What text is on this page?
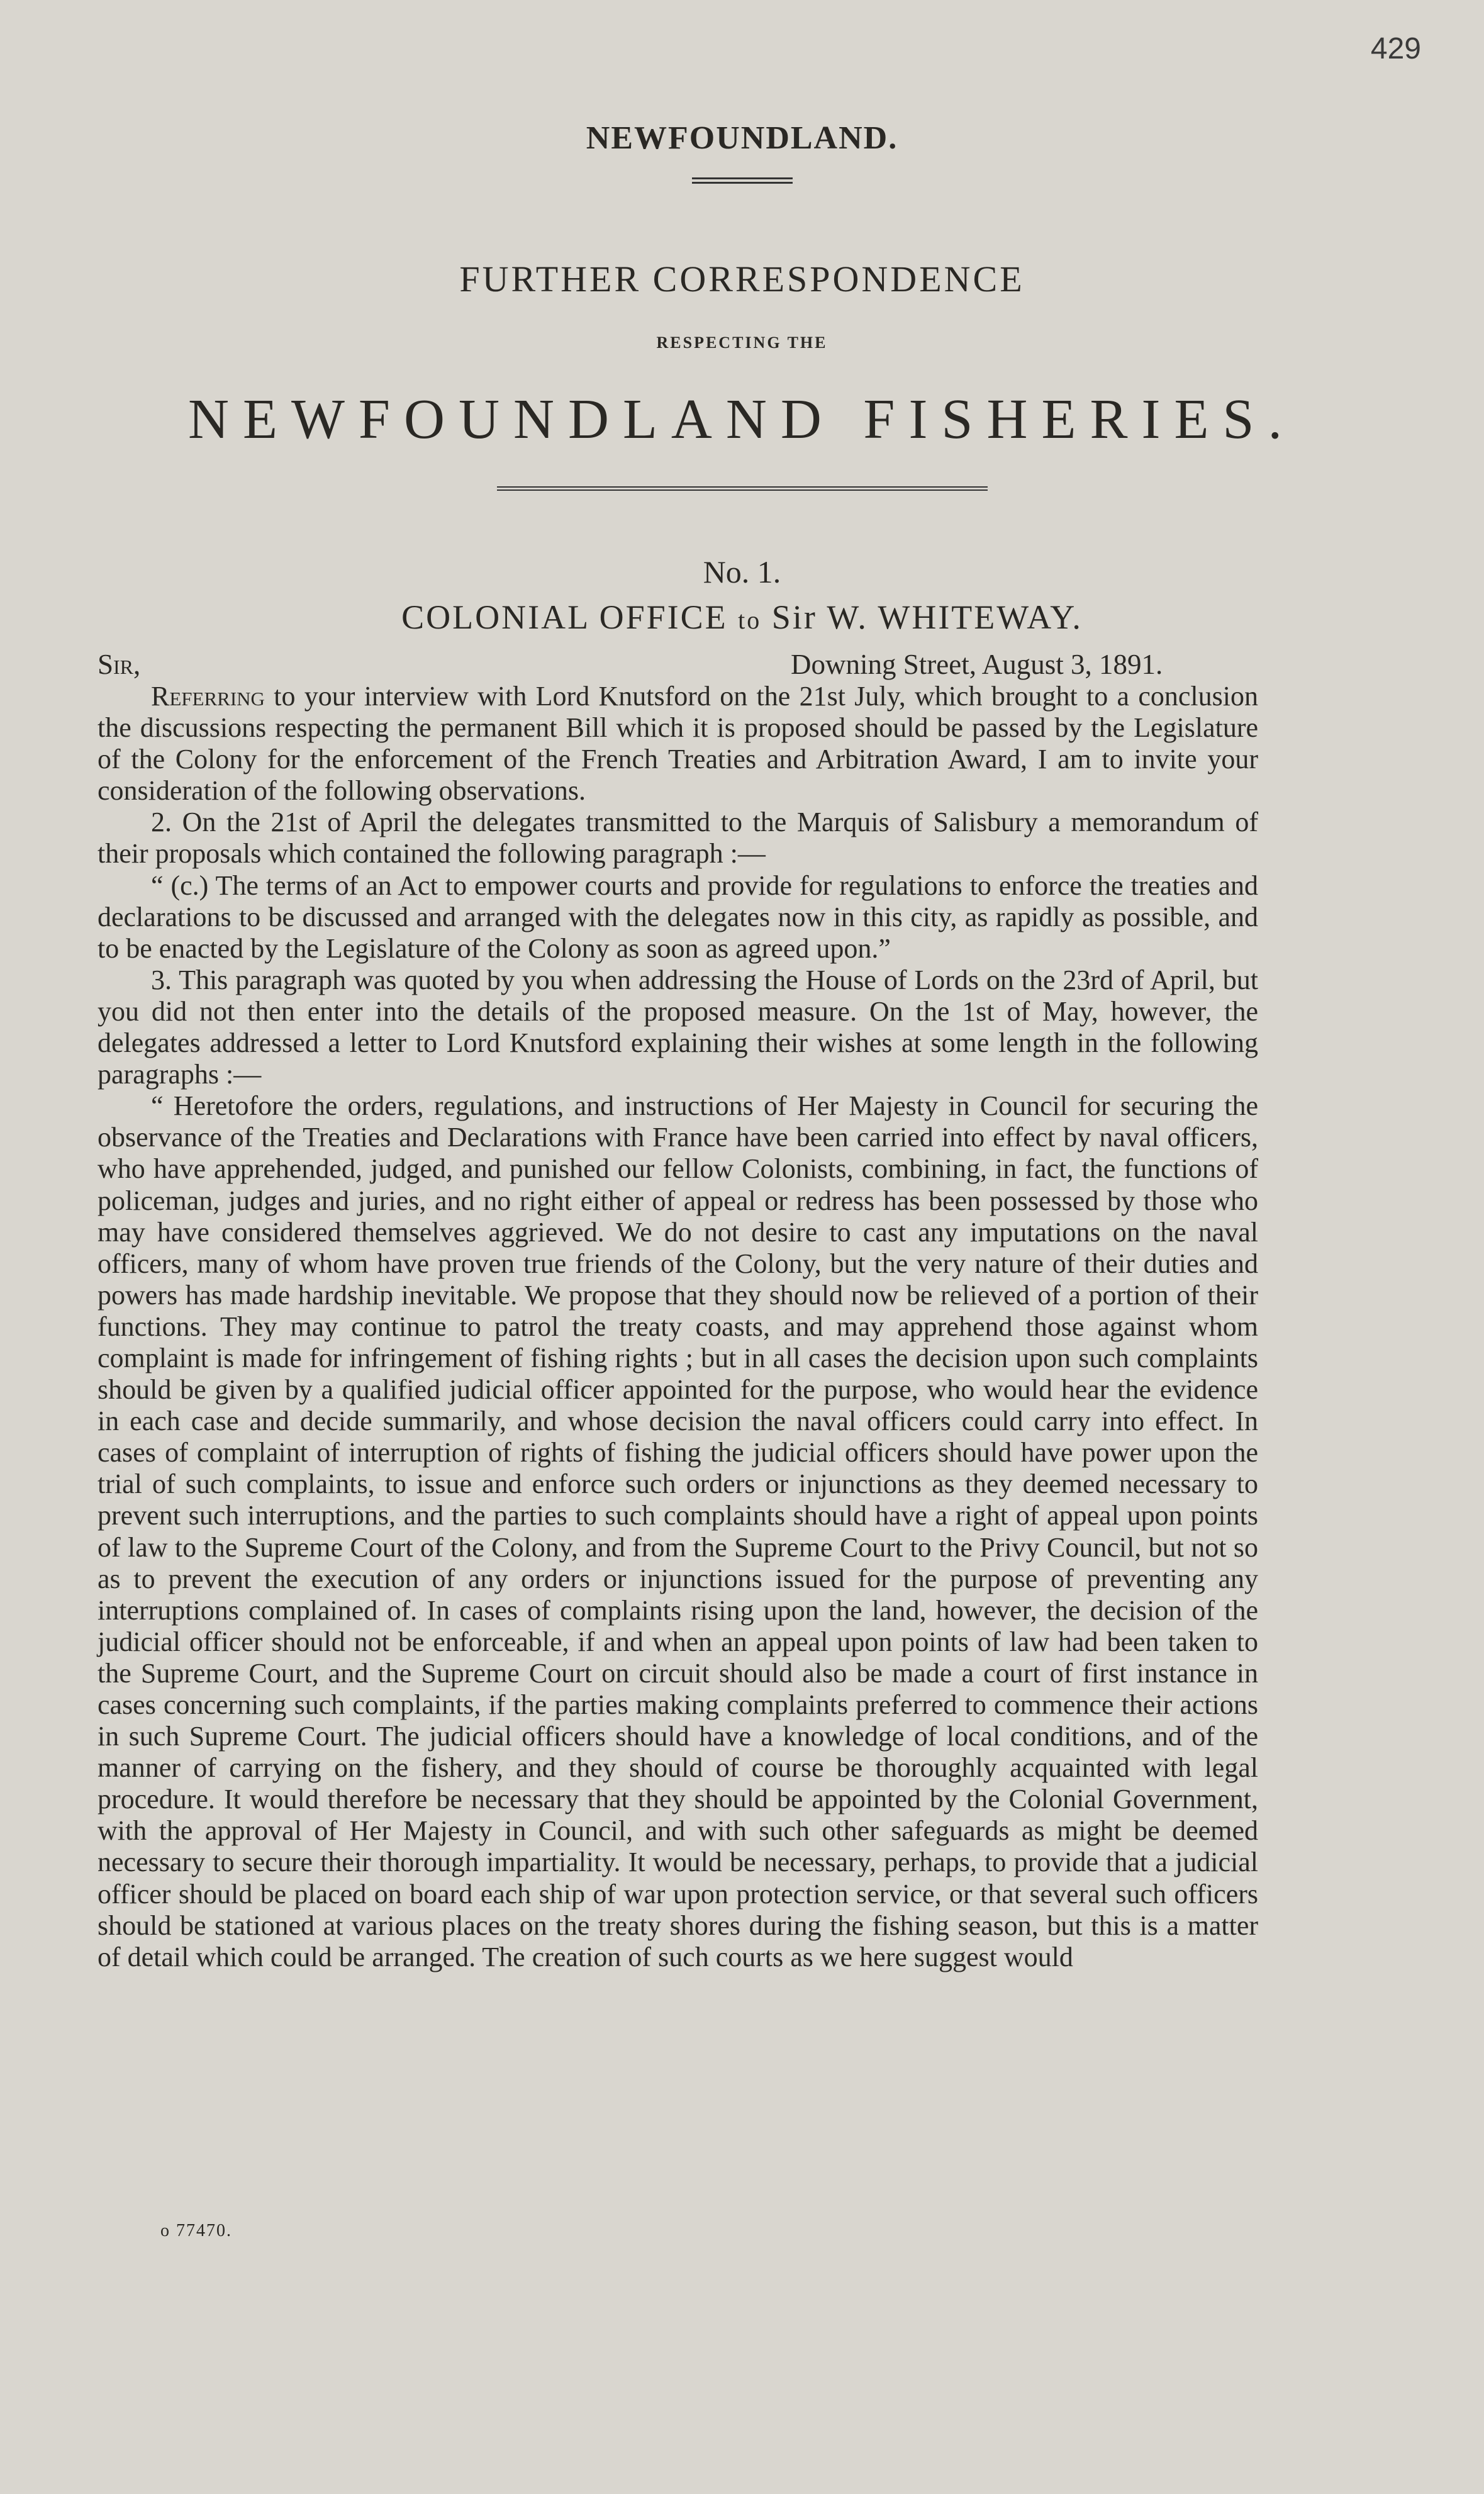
429
NEWFOUNDLAND.
FURTHER CORRESPONDENCE
RESPECTING THE
NEWFOUNDLAND FISHERIES.
No. 1.
COLONIAL OFFICE to Sir W. WHITEWAY.
Sir,	Downing Street, August 3, 1891.

Referring to your interview with Lord Knutsford on the 21st July, which brought to a conclusion the discussions respecting the permanent Bill which it is proposed should be passed by the Legislature of the Colony for the enforcement of the French Treaties and Arbitration Award, I am to invite your consideration of the following observations.

2. On the 21st of April the delegates transmitted to the Marquis of Salisbury a memorandum of their proposals which contained the following paragraph :—

“ (c.) The terms of an Act to empower courts and provide for regulations to enforce the treaties and declarations to be discussed and arranged with the delegates now in this city, as rapidly as possible, and to be enacted by the Legislature of the Colony as soon as agreed upon.”

3. This paragraph was quoted by you when addressing the House of Lords on the 23rd of April, but you did not then enter into the details of the proposed measure. On the 1st of May, however, the delegates addressed a letter to Lord Knutsford explaining their wishes at some length in the following paragraphs :—

“ Heretofore the orders, regulations, and instructions of Her Majesty in Council for securing the observance of the Treaties and Declarations with France have been carried into effect by naval officers, who have apprehended, judged, and punished our fellow Colonists, combining, in fact, the functions of policeman, judges and juries, and no right either of appeal or redress has been possessed by those who may have considered themselves aggrieved. We do not desire to cast any imputations on the naval officers, many of whom have proven true friends of the Colony, but the very nature of their duties and powers has made hardship inevitable. We propose that they should now be relieved of a portion of their functions. They may continue to patrol the treaty coasts, and may apprehend those against whom complaint is made for infringement of fishing rights ; but in all cases the decision upon such complaints should be given by a qualified judicial officer appointed for the purpose, who would hear the evidence in each case and decide summarily, and whose decision the naval officers could carry into effect. In cases of complaint of interruption of rights of fishing the judicial officers should have power upon the trial of such complaints, to issue and enforce such orders or injunctions as they deemed necessary to prevent such interruptions, and the parties to such complaints should have a right of appeal upon points of law to the Supreme Court of the Colony, and from the Supreme Court to the Privy Council, but not so as to prevent the execution of any orders or injunctions issued for the purpose of preventing any interruptions complained of. In cases of complaints rising upon the land, however, the decision of the judicial officer should not be enforceable, if and when an appeal upon points of law had been taken to the Supreme Court, and the Supreme Court on circuit should also be made a court of first instance in cases concerning such complaints, if the parties making complaints preferred to commence their actions in such Supreme Court. The judicial officers should have a knowledge of local conditions, and of the manner of carrying on the fishery, and they should of course be thoroughly acquainted with legal procedure. It would therefore be necessary that they should be appointed by the Colonial Government, with the approval of Her Majesty in Council, and with such other safeguards as might be deemed necessary to secure their thorough impartiality. It would be necessary, perhaps, to provide that a judicial officer should be placed on board each ship of war upon protection service, or that several such officers should be stationed at various places on the treaty shores during the fishing season, but this is a matter of detail which could be arranged. The creation of such courts as we here suggest would

o 77470.
